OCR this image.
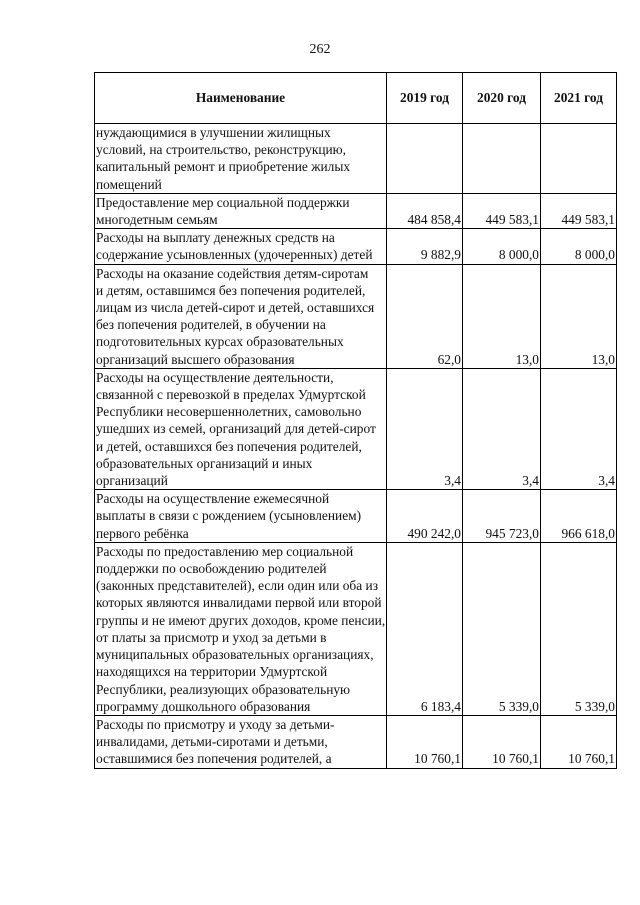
262
Наименование	2019 год	2020 год	2021 год

нуждающимися в улучшении жилищных условий, на строительство, реконструкцию, капитальный ремонт и приобретение жилых помещений			

Предоставление мер социальной поддержки многодетным семьям	484 858,4	449 583,1	449 583,1

Расходы на выплату денежных средств на содержание усыновленных (удочеренных) детей	9 882,9	8 000,0	8 000,0

Расходы на оказание содействия детям-сиротам и детям, оставшимся без попечения родителей, лицам из числа детей-сирот и детей, оставшихся без попечения родителей, в обучении на подготовительных курсах образовательных организаций высшего образования	62,0	13,0	13,0

Расходы на осуществление деятельности, связанной с перевозкой в пределах Удмуртской Республики несовершеннолетних, самовольно ушедших из семей, организаций для детей-сирот и детей, оставшихся без попечения родителей, образовательных организаций и иных организаций	3,4	3,4	3,4

Расходы на осуществление ежемесячной выплаты в связи с рождением (усыновлением) первого ребёнка	490 242,0	945 723,0	966 618,0

Расходы по предоставлению мер социальной поддержки по освобождению родителей (законных представителей), если один или оба из которых являются инвалидами первой или второй группы и не имеют других доходов, кроме пенсии, от платы за присмотр и уход за детьми в муниципальных образовательных организациях, находящихся на территории Удмуртской Республики, реализующих образовательную программу дошкольного образования	6 183,4	5 339,0	5 339,0

Расходы по присмотру и уходу за детьми-инвалидами, детьми-сиротами и детьми, оставшимися без попечения родителей, а	10 760,1	10 760,1	10 760,1
